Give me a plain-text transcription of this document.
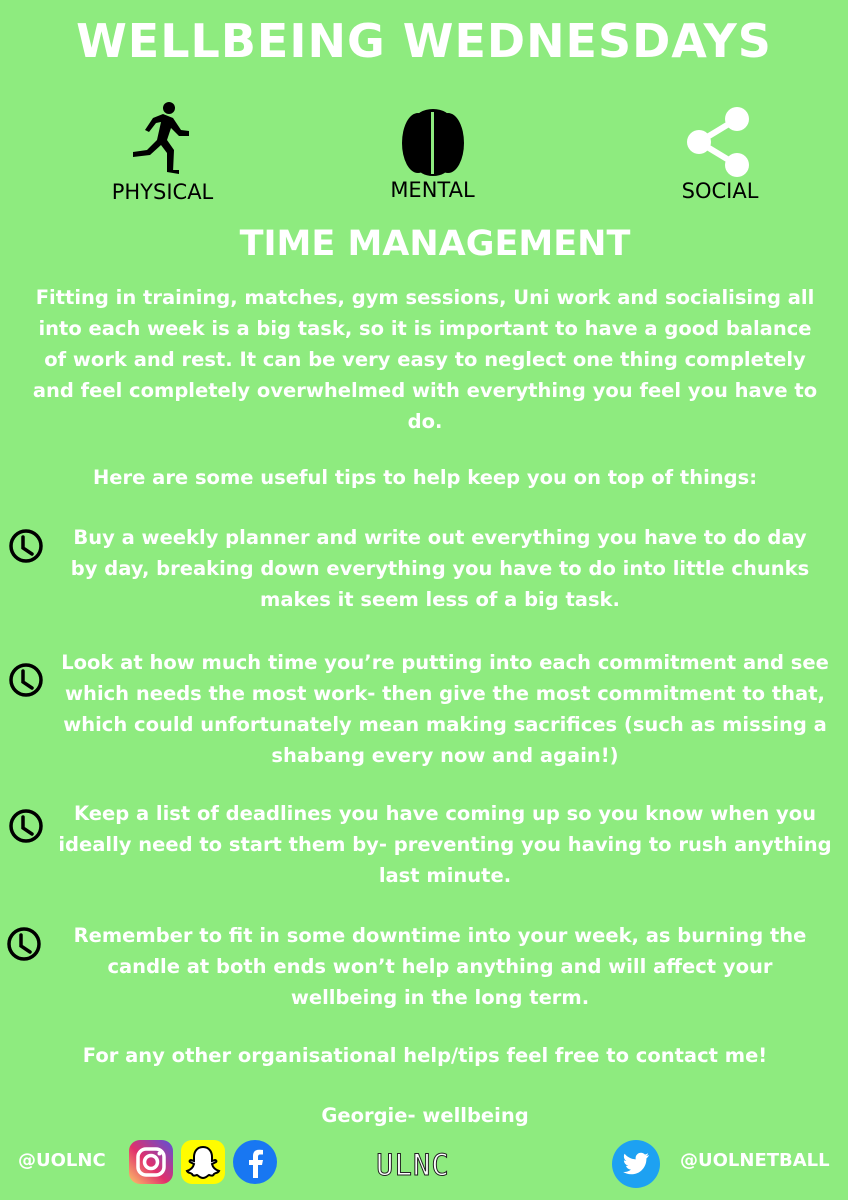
WELLBEING WEDNESDAYS
PHYSICAL	MENTAL	SOCIAL
TIME MANAGEMENT
Fitting in training, matches, gym sessions, Uni work and socialising all into each week is a big task, so it is important to have a good balance of work and rest. It can be very easy to neglect one thing completely and feel completely overwhelmed with everything you feel you have to do.
Here are some useful tips to help keep you on top of things:
Buy a weekly planner and write out everything you have to do day by day, breaking down everything you have to do into little chunks makes it seem less of a big task.
Look at how much time you’re putting into each commitment and see which needs the most work- then give the most commitment to that, which could unfortunately mean making sacrifices (such as missing a shabang every now and again!)
Keep a list of deadlines you have coming up so you know when you ideally need to start them by- preventing you having to rush anything last minute.
Remember to fit in some downtime into your week, as burning the candle at both ends won’t help anything and will affect your wellbeing in the long term.
For any other organisational help/tips feel free to contact me!
Georgie- wellbeing
@UOLNC	ULNC	@UOLNETBALL
